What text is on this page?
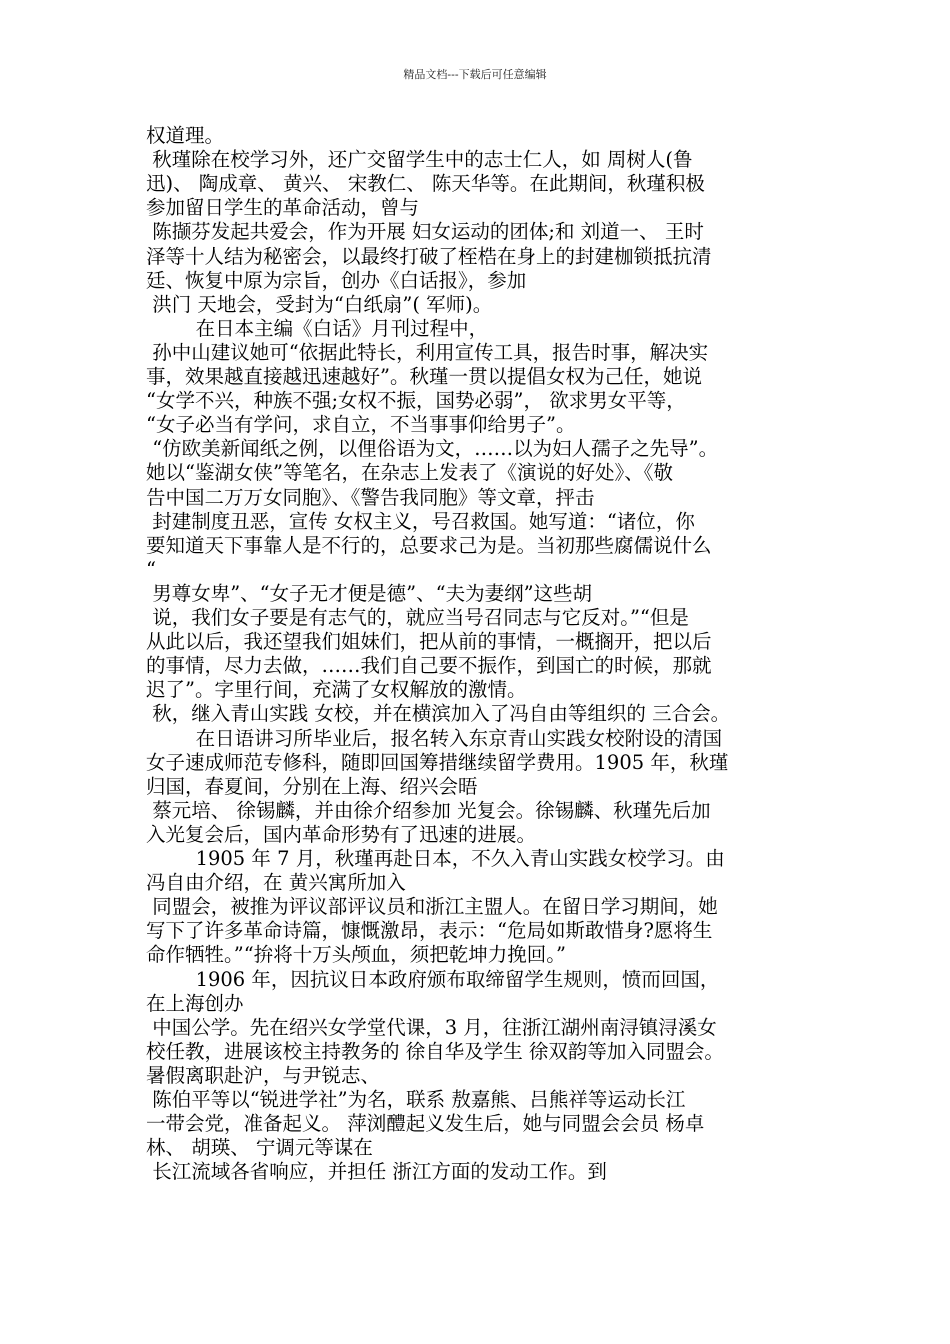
精品文档---下载后可任意编辑
权道理。
秋瑾除在校学习外，还广交留学生中的志士仁人，如 周树人(鲁
迅)、 陶成章、 黄兴、 宋教仁、 陈天华等。在此期间，秋瑾积极
参加留日学生的革命活动，曾与
陈撷芬发起共爱会，作为开展 妇女运动的团体;和 刘道一、 王时
泽等十人结为秘密会，以最终打破了桎梏在身上的封建枷锁抵抗清
廷、恢复中原为宗旨，创办《白话报》，参加
洪门 天地会，受封为“白纸扇”( 军师)。
在日本主编《白话》月刊过程中，
孙中山建议她可“依据此特长，利用宣传工具，报告时事，解决实
事，效果越直接越迅速越好”。秋瑾一贯以提倡女权为己任，她说
“女学不兴，种族不强;女权不振，国势必弱”， 欲求男女平等，
“女子必当有学问，求自立，不当事事仰给男子”。
“仿欧美新闻纸之例，以俚俗语为文，……以为妇人孺子之先导”。
她以“鉴湖女侠”等笔名，在杂志上发表了《演说的好处》、《敬
告中国二万万女同胞》、《警告我同胞》等文章，抨击
封建制度丑恶，宣传 女权主义，号召救国。她写道：“诸位，你
要知道天下事靠人是不行的，总要求己为是。当初那些腐儒说什么
“
男尊女卑”、“女子无才便是德”、“夫为妻纲”这些胡
说，我们女子要是有志气的，就应当号召同志与它反对。”“但是
从此以后，我还望我们姐妹们，把从前的事情，一概搁开，把以后
的事情，尽力去做，……我们自己要不振作，到国亡的时候，那就
迟了”。字里行间，充满了女权解放的激情。
秋，继入青山实践 女校，并在横滨加入了冯自由等组织的 三合会。
在日语讲习所毕业后，报名转入东京青山实践女校附设的清国
女子速成师范专修科，随即回国筹措继续留学费用。1905 年，秋瑾
归国，春夏间，分别在上海、绍兴会晤
蔡元培、 徐锡麟，并由徐介绍参加 光复会。徐锡麟、秋瑾先后加
入光复会后，国内革命形势有了迅速的进展。
1905 年 7 月，秋瑾再赴日本，不久入青山实践女校学习。由
冯自由介绍，在 黄兴寓所加入
同盟会，被推为评议部评议员和浙江主盟人。在留日学习期间，她
写下了许多革命诗篇，慷慨激昂，表示：“危局如斯敢惜身?愿将生
命作牺牲。”“拚将十万头颅血，须把乾坤力挽回。”
1906 年，因抗议日本政府颁布取缔留学生规则，愤而回国，
在上海创办
中国公学。先在绍兴女学堂代课，3 月，往浙江湖州南浔镇浔溪女
校任教，进展该校主持教务的 徐自华及学生 徐双韵等加入同盟会。
暑假离职赴沪，与尹锐志、
陈伯平等以“锐进学社”为名，联系 敖嘉熊、吕熊祥等运动长江
一带会党，准备起义。 萍浏醴起义发生后，她与同盟会会员 杨卓
林、 胡瑛、 宁调元等谋在
长江流域各省响应，并担任 浙江方面的发动工作。到
